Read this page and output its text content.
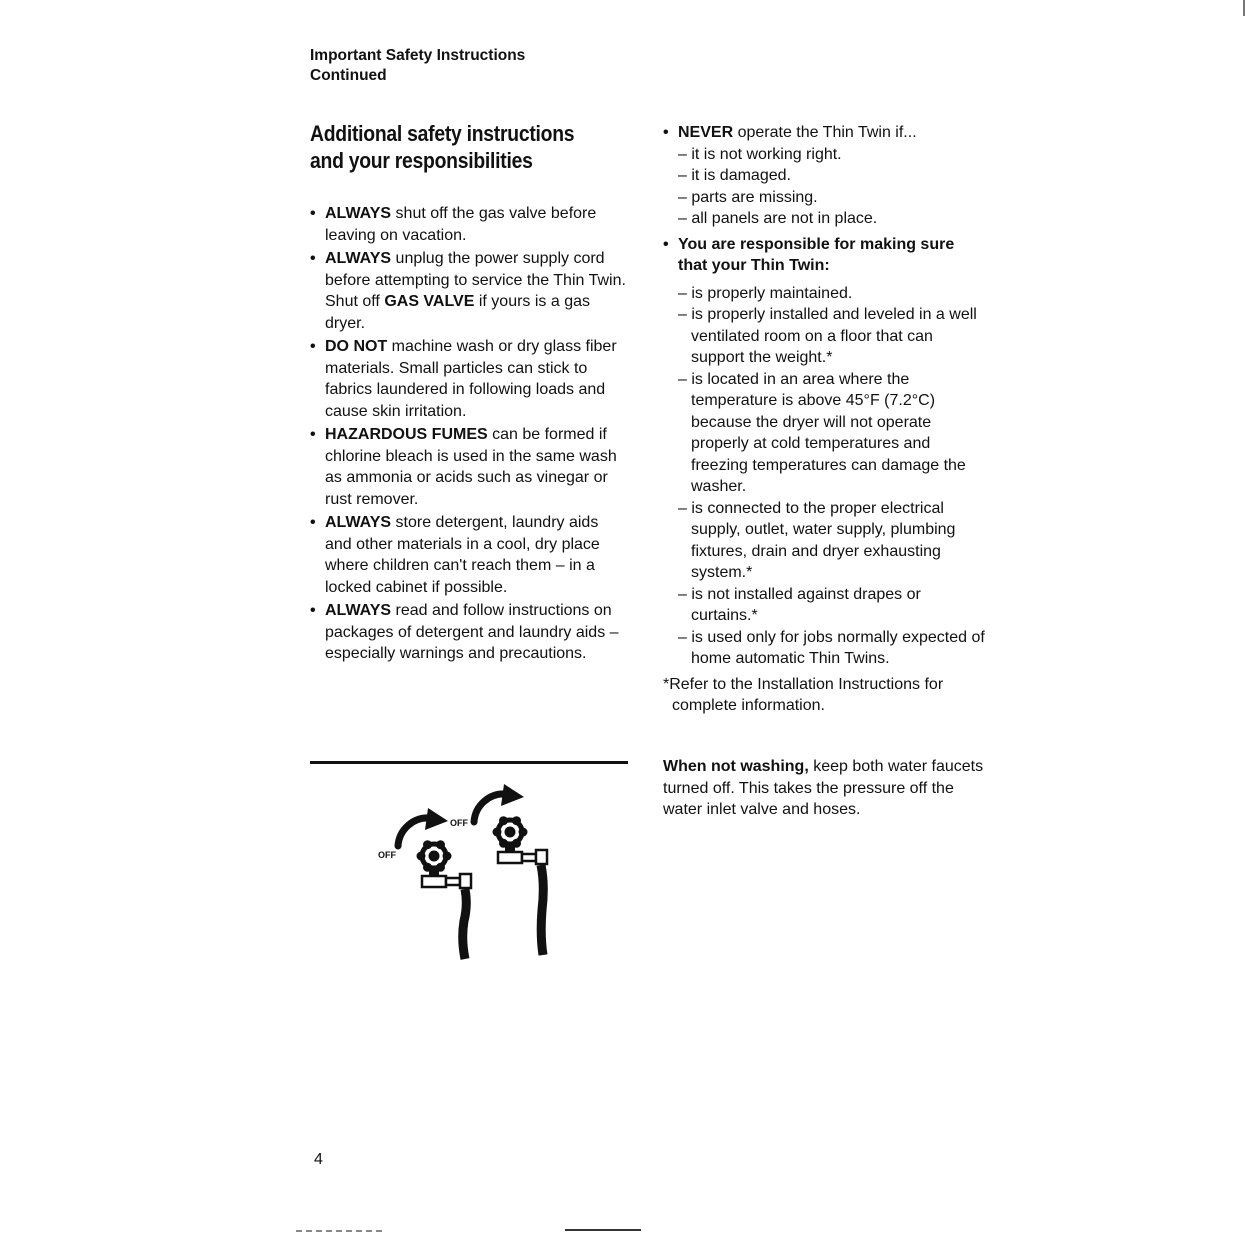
Important Safety Instructions
Continued
Additional safety instructions
and your responsibilities
• ALWAYS shut off the gas valve before leaving on vacation.
• ALWAYS unplug the power supply cord before attempting to service the Thin Twin. Shut off GAS VALVE if yours is a gas dryer.
• DO NOT machine wash or dry glass fiber materials. Small particles can stick to fabrics laundered in following loads and cause skin irritation.
• HAZARDOUS FUMES can be formed if chlorine bleach is used in the same wash as ammonia or acids such as vinegar or rust remover.
• ALWAYS store detergent, laundry aids and other materials in a cool, dry place where children can't reach them – in a locked cabinet if possible.
• ALWAYS read and follow instructions on packages of detergent and laundry aids – especially warnings and precautions.
• NEVER operate the Thin Twin if...
– it is not working right.
– it is damaged.
– parts are missing.
– all panels are not in place.
• You are responsible for making sure that your Thin Twin:
– is properly maintained.
– is properly installed and leveled in a well ventilated room on a floor that can support the weight.*
– is located in an area where the temperature is above 45°F (7.2°C) because the dryer will not operate properly at cold temperatures and freezing temperatures can damage the washer.
– is connected to the proper electrical supply, outlet, water supply, plumbing fixtures, drain and dryer exhausting system.*
– is not installed against drapes or curtains.*
– is used only for jobs normally expected of home automatic Thin Twins.
*Refer to the Installation Instructions for complete information.
OFF
OFF

When not washing, keep both water faucets turned off. This takes the pressure off the water inlet valve and hoses.

4
